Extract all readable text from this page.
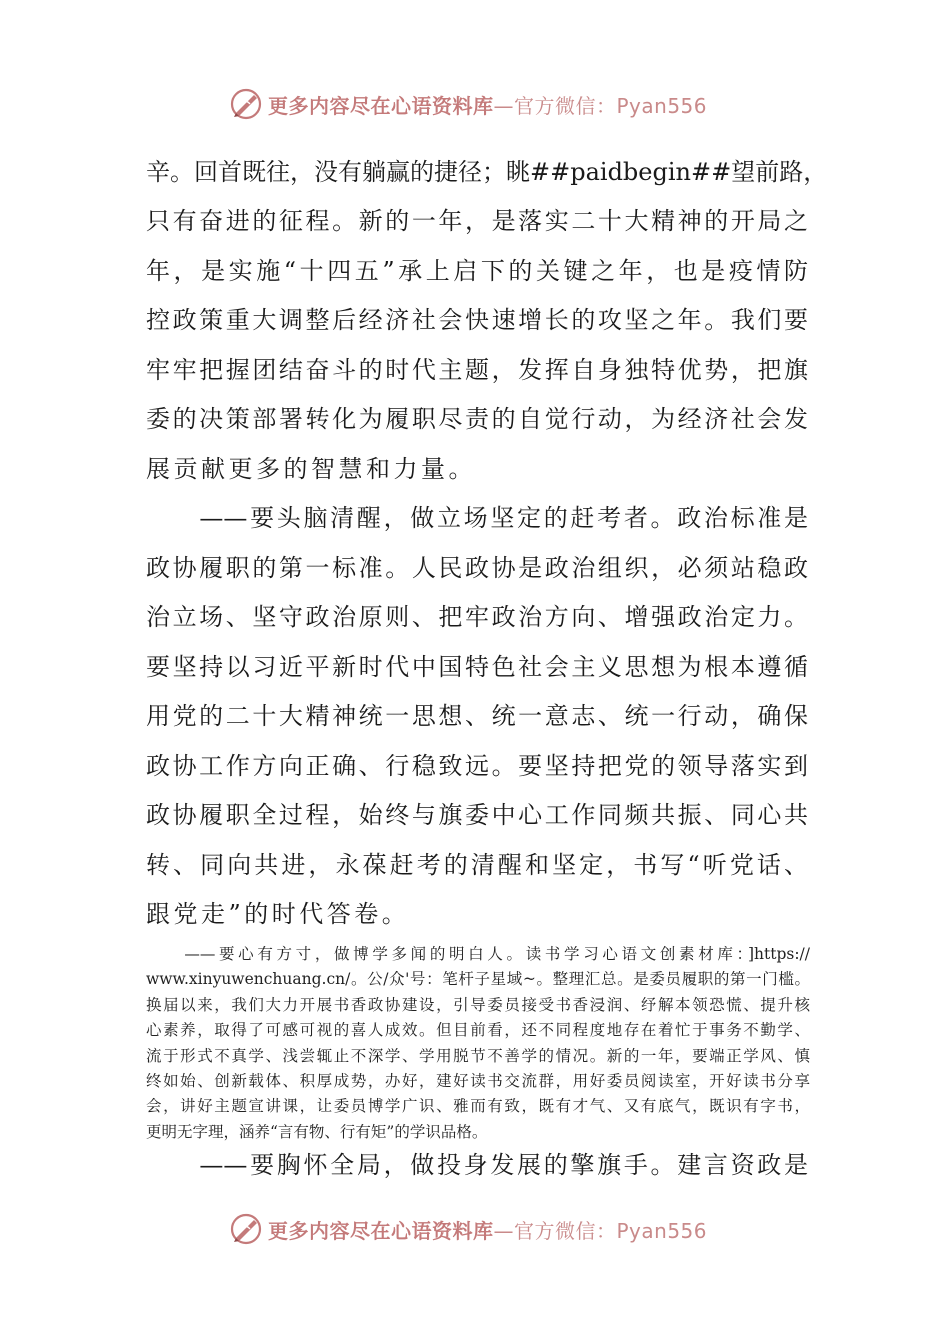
更多内容尽在心语资料库—官方微信：Pyan556
辛。回首既往，没有躺赢的捷径；眺##paidbegin##望前路，
只有奋进的征程。新的一年，是落实二十大精神的开局之
年，是实施“十四五”承上启下的关键之年，也是疫情防
控政策重大调整后经济社会快速增长的攻坚之年。我们要
牢牢把握团结奋斗的时代主题，发挥自身独特优势，把旗
委的决策部署转化为履职尽责的自觉行动，为经济社会发
展贡献更多的智慧和力量。
　　——要头脑清醒，做立场坚定的赶考者。政治标准是
政协履职的第一标准。人民政协是政治组织，必须站稳政
治立场、坚守政治原则、把牢政治方向、增强政治定力。
要坚持以习近平新时代中国特色社会主义思想为根本遵循
用党的二十大精神统一思想、统一意志、统一行动，确保
政协工作方向正确、行稳致远。要坚持把党的领导落实到
政协履职全过程，始终与旗委中心工作同频共振、同心共
转、同向共进，永葆赶考的清醒和坚定，书写“听党话、
跟党走”的时代答卷。
　　——要胸怀全局，做投身发展的擎旗手。建言资政是
　　——要心有方寸，做博学多闻的明白人。读书学习心语文创素材库：]https://
www.xinyuwenchuang.cn/。公/众'号：笔杆子星域~。整理汇总。是委员履职的第一门槛。
换届以来，我们大力开展书香政协建设，引导委员接受书香浸润、纾解本领恐慌、提升核
心素养，取得了可感可视的喜人成效。但目前看，还不同程度地存在着忙于事务不勤学、
流于形式不真学、浅尝辄止不深学、学用脱节不善学的情况。新的一年，要端正学风、慎
终如始、创新载体、积厚成势，办好，建好读书交流群，用好委员阅读室，开好读书分享
会，讲好主题宣讲课，让委员博学广识、雅而有致，既有才气、又有底气，既识有字书，
更明无字理，涵养“言有物、行有矩”的学识品格。
更多内容尽在心语资料库—官方微信：Pyan556
